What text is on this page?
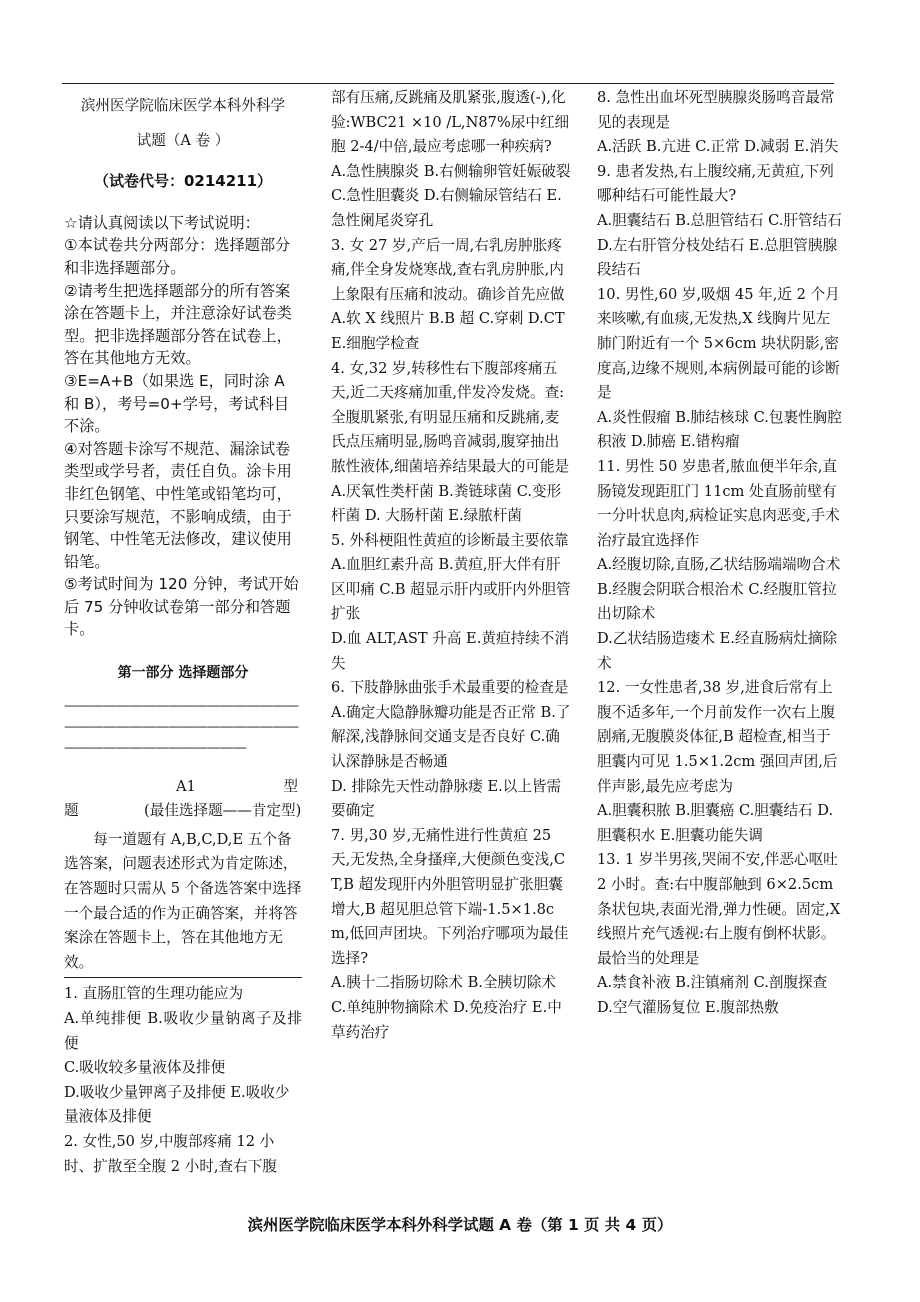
滨州医学院临床医学本科外科学

试题（A 卷 ）

（试卷代号：0214211）

☆请认真阅读以下考试说明：

①本试卷共分两部分：选择题部分和非选择题部分。

②请考生把选择题部分的所有答案涂在答题卡上，并注意涂好试卷类型。把非选择题部分答在试卷上，答在其他地方无效。

③E=A+B（如果选 E，同时涂 A 和 B），考号=0+学号，考试科目不涂。

④对答题卡涂写不规范、漏涂试卷类型或学号者，责任自负。涂卡用非红色钢笔、中性笔或铅笔均可，只要涂写规范，不影响成绩，由于钢笔、中性笔无法修改，建议使用铅笔。

⑤考试时间为 120 分钟，考试开始后 75 分钟收试卷第一部分和答题卡。

第一部分 选择题部分

——————————————————
——————————————————
——————————————
A1	型
题	(最佳选择题——肯定型)

每一道题有 A,B,C,D,E 五个备选答案，问题表述形式为肯定陈述，在答题时只需从 5 个备选答案中选择一个最合适的作为正确答案，并将答案涂在答题卡上，答在其他地方无效。

1. 直肠肛管的生理功能应为

A.单纯排便 B.吸收少量钠离子及排便

C.吸收较多量液体及排便

D.吸收少量钾离子及排便 E.吸收少量液体及排便

2. 女性,50 岁,中腹部疼痛 12 小时、扩散至全腹 2 小时,查右下腹

部有压痛,反跳痛及肌紧张,腹透(-),化验:WBC21 ×10 /L,N87%尿中红细胞 2-4/中倍,最应考虑哪一种疾病?

A.急性胰腺炎 B.右侧输卵管妊娠破裂 C.急性胆囊炎 D.右侧输尿管结石 E.急性阑尾炎穿孔

3. 女 27 岁,产后一周,右乳房肿胀疼痛,伴全身发烧寒战,查右乳房肿胀,内上象限有压痛和波动。确诊首先应做

A.软 X 线照片 B.B 超 C.穿刺 D.CT E.细胞学检查

4. 女,32 岁,转移性右下腹部疼痛五天,近二天疼痛加重,伴发冷发烧。查:全腹肌紧张,有明显压痛和反跳痛,麦氏点压痛明显,肠鸣音减弱,腹穿抽出脓性液体,细菌培养结果最大的可能是

A.厌氧性类杆菌 B.粪链球菌 C.变形杆菌 D. 大肠杆菌 E.绿脓杆菌

5. 外科梗阻性黄疸的诊断最主要依靠

A.血胆红素升高 B.黄疸,肝大伴有肝区叩痛 C.B 超显示肝内或肝内外胆管扩张

D.血 ALT,AST 升高 E.黄疸持续不消失

6. 下肢静脉曲张手术最重要的检查是

A.确定大隐静脉瓣功能是否正常 B.了解深,浅静脉间交通支是否良好 C.确认深静脉是否畅通

D. 排除先天性动静脉瘘 E.以上皆需要确定

7. 男,30 岁,无痛性进行性黄疸 25 天,无发热,全身搔痒,大便颜色变浅,CT,B 超发现肝内外胆管明显扩张胆囊增大,B 超见胆总管下端-1.5×1.8cm,低回声团块。下列治疗哪项为最佳选择?

A.胰十二指肠切除术 B.全胰切除术 C.单纯肿物摘除术 D.免疫治疗 E.中草药治疗

8. 急性出血坏死型胰腺炎肠鸣音最常见的表现是

A.活跃 B.亢进 C.正常 D.减弱 E.消失

9. 患者发热,右上腹绞痛,无黄疸,下列哪种结石可能性最大?

A.胆囊结石 B.总胆管结石 C.肝管结石 D.左右肝管分枝处结石 E.总胆管胰腺段结石

10. 男性,60 岁,吸烟 45 年,近 2 个月来咳嗽,有血痰,无发热,X 线胸片见左肺门附近有一个 5×6cm 块状阴影,密度高,边缘不规则,本病例最可能的诊断是

A.炎性假瘤 B.肺结核球 C.包裹性胸腔积液 D.肺癌 E.错构瘤

11. 男性 50 岁患者,脓血便半年余,直肠镜发现距肛门 11cm 处直肠前壁有一分叶状息肉,病检证实息肉恶变,手术治疗最宜选择作

A.经腹切除,直肠,乙状结肠端端吻合术 B.经腹会阴联合根治术 C.经腹肛管拉出切除术

D.乙状结肠造瘘术 E.经直肠病灶摘除术

12. 一女性患者,38 岁,进食后常有上腹不适多年,一个月前发作一次右上腹剧痛,无腹膜炎体征,B 超检查,相当于胆囊内可见 1.5×1.2cm 强回声团,后伴声影,最先应考虑为

A.胆囊积脓 B.胆囊癌 C.胆囊结石 D.胆囊积水 E.胆囊功能失调

13. 1 岁半男孩,哭闹不安,伴恶心呕吐 2 小时。查:右中腹部触到 6×2.5cm 条状包块,表面光滑,弹力性硬。固定,X 线照片充气透视:右上腹有倒杯状影。最恰当的处理是

A.禁食补液 B.注镇痛剂 C.剖腹探查 D.空气灌肠复位 E.腹部热敷

滨州医学院临床医学本科外科学试题 A 卷（第 1 页 共 4 页）
